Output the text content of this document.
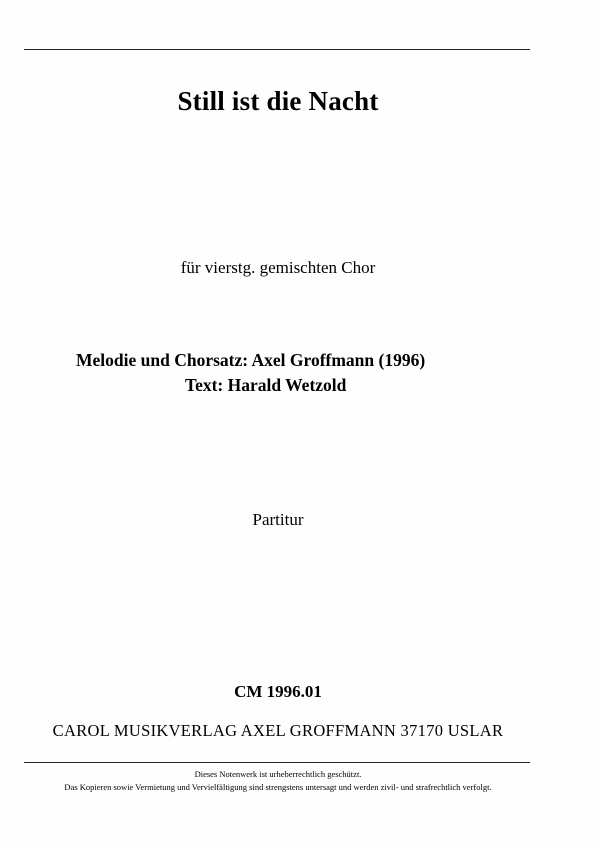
Still ist die Nacht
für vierstg. gemischten Chor
Melodie und Chorsatz: Axel Groffmann (1996)
Text: Harald Wetzold
Partitur
CM 1996.01
CAROL MUSIKVERLAG AXEL GROFFMANN 37170 USLAR
Dieses Notenwerk ist urheberrechtlich geschützt.
Das Kopieren sowie Vermietung und Vervielfältigung sind strengstens untersagt und werden zivil- und strafrechtlich verfolgt.
